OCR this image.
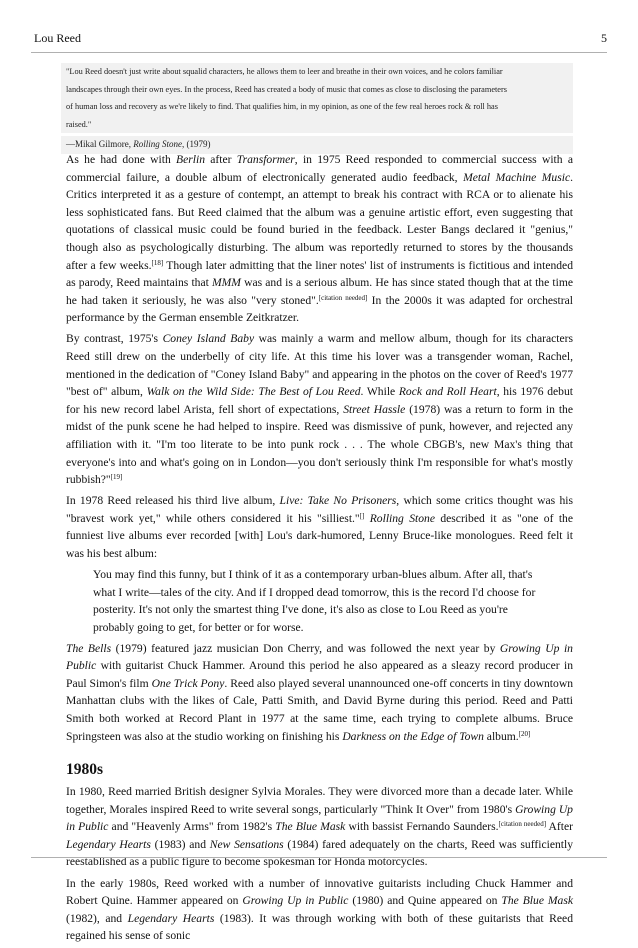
Lou Reed	5
"Lou Reed doesn't just write about squalid characters, he allows them to leer and breathe in their own voices, and he colors familiar
landscapes through their own eyes. In the process, Reed has created a body of music that comes as close to disclosing the parameters
of human loss and recovery as we're likely to find. That qualifies him, in my opinion, as one of the few real heroes rock & roll has
raised."
—Mikal Gilmore, Rolling Stone, (1979)

As he had done with Berlin after Transformer, in 1975 Reed responded to commercial success with a commercial failure, a double album of electronically generated audio feedback, Metal Machine Music. Critics interpreted it as a gesture of contempt, an attempt to break his contract with RCA or to alienate his less sophisticated fans. But Reed claimed that the album was a genuine artistic effort, even suggesting that quotations of classical music could be found buried in the feedback. Lester Bangs declared it "genius," though also as psychologically disturbing. The album was reportedly returned to stores by the thousands after a few weeks.[18] Though later admitting that the liner notes' list of instruments is fictitious and intended as parody, Reed maintains that MMM was and is a serious album. He has since stated though that at the time he had taken it seriously, he was also "very stoned".[citation needed] In the 2000s it was adapted for orchestral performance by the German ensemble Zeitkratzer.

By contrast, 1975's Coney Island Baby was mainly a warm and mellow album, though for its characters Reed still drew on the underbelly of city life. At this time his lover was a transgender woman, Rachel, mentioned in the dedication of "Coney Island Baby" and appearing in the photos on the cover of Reed's 1977 "best of" album, Walk on the Wild Side: The Best of Lou Reed. While Rock and Roll Heart, his 1976 debut for his new record label Arista, fell short of expectations, Street Hassle (1978) was a return to form in the midst of the punk scene he had helped to inspire. Reed was dismissive of punk, however, and rejected any affiliation with it. "I'm too literate to be into punk rock . . . The whole CBGB's, new Max's thing that everyone's into and what's going on in London—you don't seriously think I'm responsible for what's mostly rubbish?"[19]

In 1978 Reed released his third live album, Live: Take No Prisoners, which some critics thought was his "bravest work yet," while others considered it his "silliest."[] Rolling Stone described it as "one of the funniest live albums ever recorded [with] Lou's dark-humored, Lenny Bruce-like monologues. Reed felt it was his best album:

You may find this funny, but I think of it as a contemporary urban-blues album. After all, that's what I write—tales of the city. And if I dropped dead tomorrow, this is the record I'd choose for posterity. It's not only the smartest thing I've done, it's also as close to Lou Reed as you're probably going to get, for better or for worse.

The Bells (1979) featured jazz musician Don Cherry, and was followed the next year by Growing Up in Public with guitarist Chuck Hammer. Around this period he also appeared as a sleazy record producer in Paul Simon's film One Trick Pony. Reed also played several unannounced one-off concerts in tiny downtown Manhattan clubs with the likes of Cale, Patti Smith, and David Byrne during this period. Reed and Patti Smith both worked at Record Plant in 1977 at the same time, each trying to complete albums. Bruce Springsteen was also at the studio working on finishing his Darkness on the Edge of Town album.[20]

1980s

In 1980, Reed married British designer Sylvia Morales. They were divorced more than a decade later. While together, Morales inspired Reed to write several songs, particularly "Think It Over" from 1980's Growing Up in Public and "Heavenly Arms" from 1982's The Blue Mask with bassist Fernando Saunders.[citation needed] After Legendary Hearts (1983) and New Sensations (1984) fared adequately on the charts, Reed was sufficiently reestablished as a public figure to become spokesman for Honda motorcycles.

In the early 1980s, Reed worked with a number of innovative guitarists including Chuck Hammer and Robert Quine. Hammer appeared on Growing Up in Public (1980) and Quine appeared on The Blue Mask (1982), and Legendary Hearts (1983). It was through working with both of these guitarists that Reed regained his sense of sonic
